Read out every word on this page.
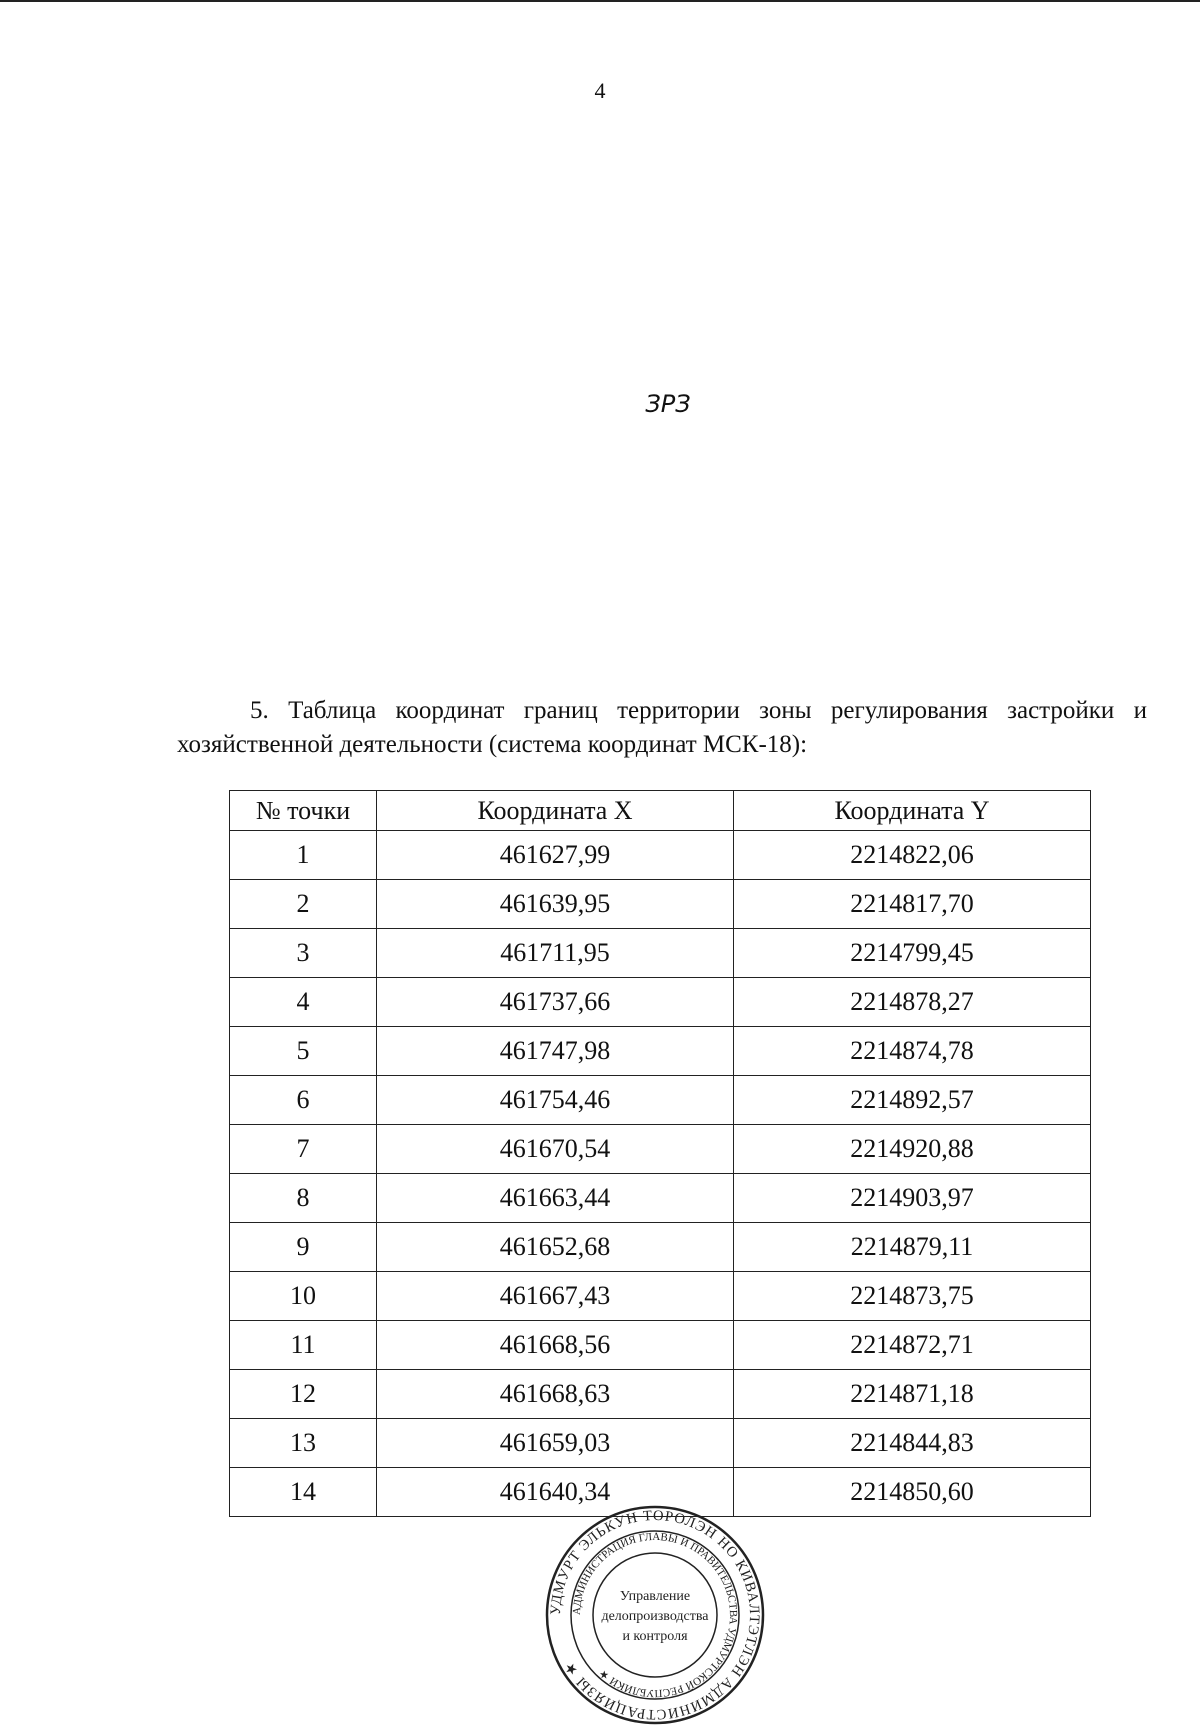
4
ЗРЗ
5. Таблица координат границ территории зоны регулирования застройки и хозяйственной деятельности (система координат МСК-18):
№ точки	Координата X	Координата Y
1	461627,99	2214822,06
2	461639,95	2214817,70
3	461711,95	2214799,45
4	461737,66	2214878,27
5	461747,98	2214874,78
6	461754,46	2214892,57
7	461670,54	2214920,88
8	461663,44	2214903,97
9	461652,68	2214879,11
10	461667,43	2214873,75
11	461668,56	2214872,71
12	461668,63	2214871,18
13	461659,03	2214844,83
14	461640,34	2214850,60
УДМУРТ ЭЛЬКУН ТОРОЛЭН НО КИВАЛТЭТЛЭН АДМИНИСТРАЦИЯЗЫ ★
АДМИНИСТРАЦИЯ ГЛАВЫ И ПРАВИТЕЛЬСТВА УДМУРТСКОЙ РЕСПУБЛИКИ ★
Управление
делопроизводства
и контроля
